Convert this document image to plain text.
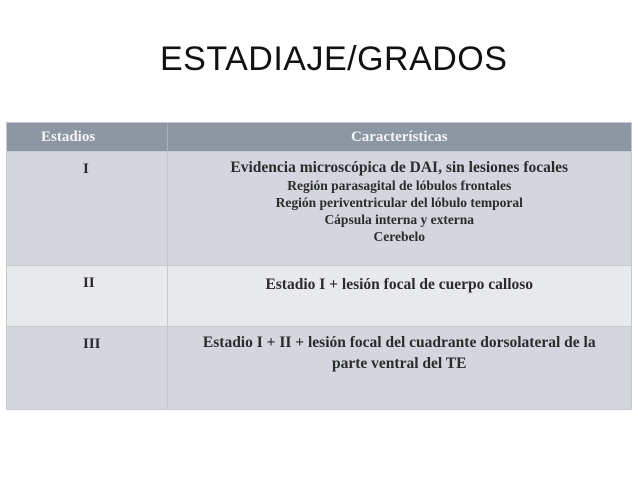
ESTADIAJE/GRADOS
Estadios	Características

I	Evidencia microscópica de DAI, sin lesiones focales
Región parasagital de lóbulos frontales
Región periventricular del lóbulo temporal
Cápsula interna y externa
Cerebelo

II	Estadio I + lesión focal de cuerpo calloso

III	Estadio I + II + lesión focal del cuadrante dorsolateral de la
parte ventral del TE
